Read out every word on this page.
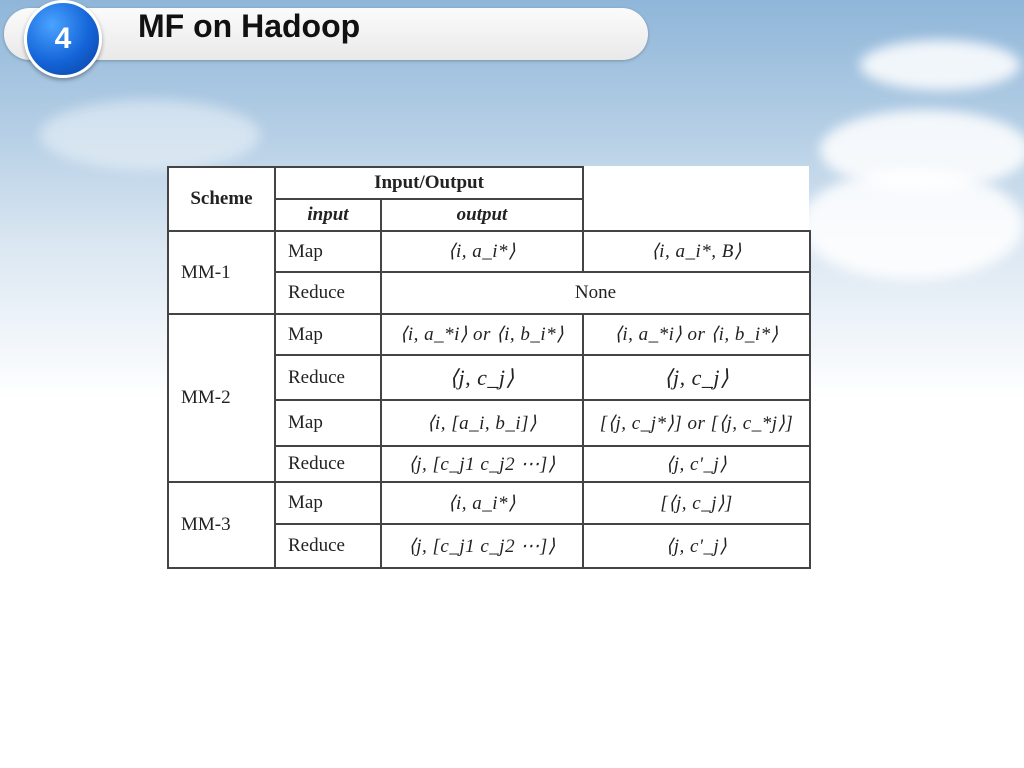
4	MF on Hadoop
Scheme	Input/Output	
	input	output	
MM-1	Map	⟨i, a_i*⟩	⟨i, a_i*, B⟩
	Reduce	None	
MM-2	Map	⟨i, a_*i⟩ or ⟨i, b_i*⟩	⟨i, a_*i⟩ or ⟨i, b_i*⟩
	Reduce	⟨j, c_j⟩	⟨j, c_j⟩
	Map	⟨i, [a_i, b_i]⟩	[⟨j, c_j*⟩] or [⟨j, c_*j⟩]
	Reduce	⟨j, [c_j1 c_j2 ⋯]⟩	⟨j, c'_j⟩
MM-3	Map	⟨i, a_i*⟩	[⟨j, c_j⟩]
	Reduce	⟨j, [c_j1 c_j2 ⋯]⟩	⟨j, c'_j⟩
